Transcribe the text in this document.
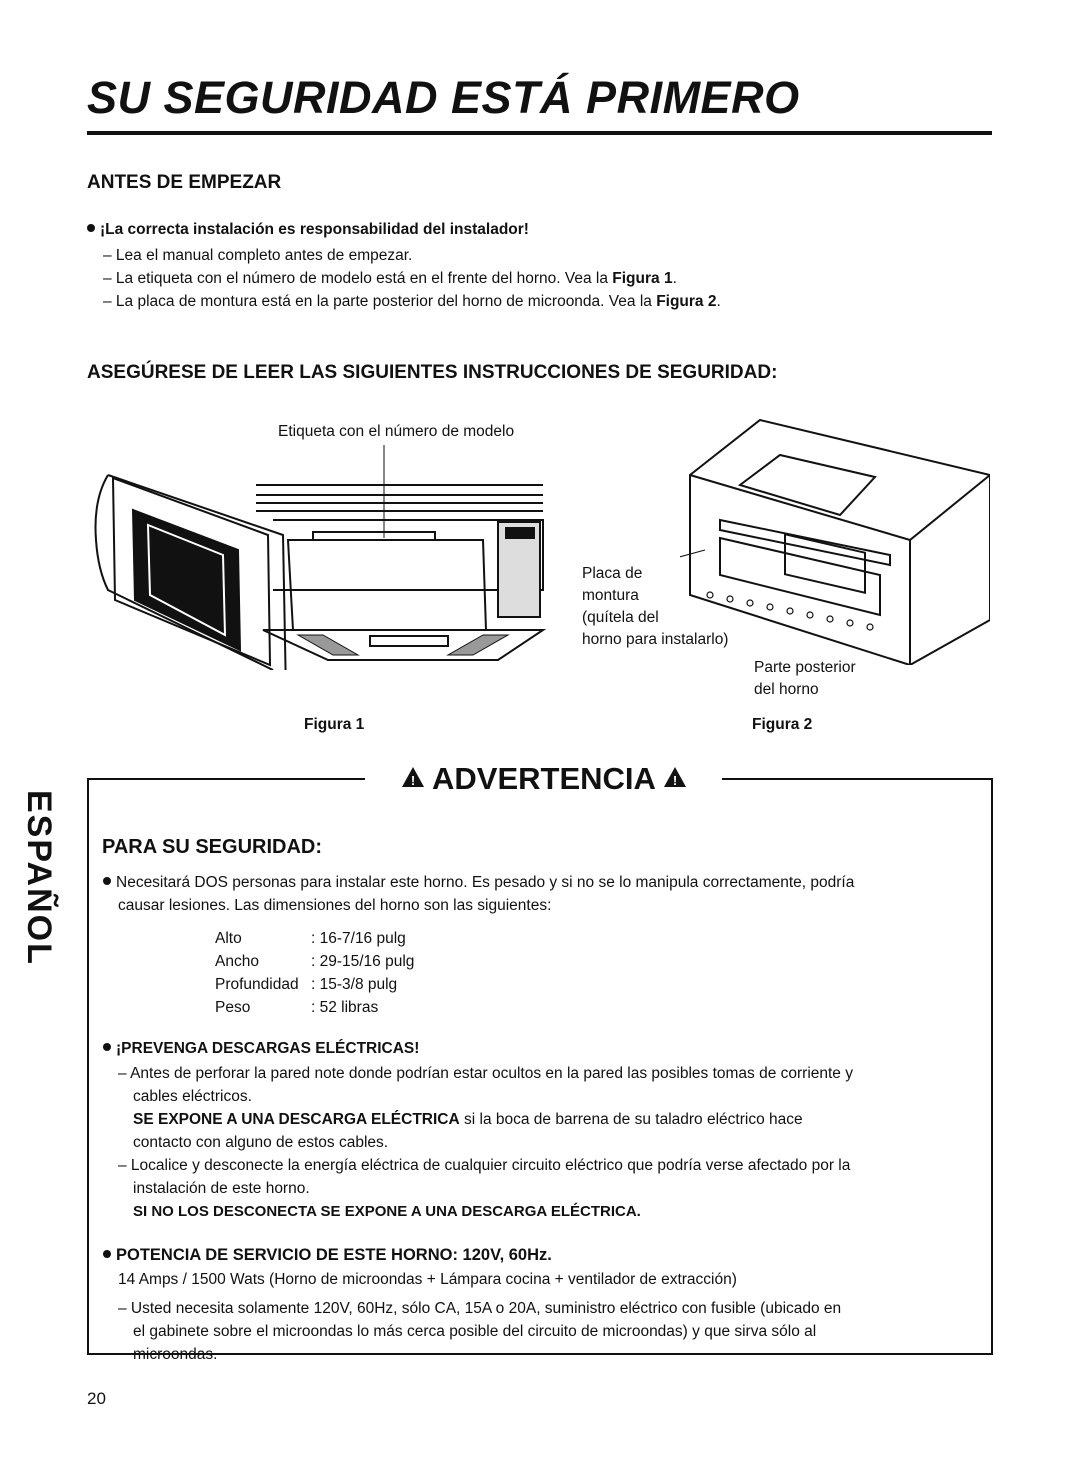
SU SEGURIDAD ESTÁ PRIMERO
ESPAÑOL
ANTES DE EMPEZAR
¡La correcta instalación es responsabilidad del instalador!
– Lea el manual completo antes de empezar.
– La etiqueta con el número de modelo está en el frente del horno. Vea la Figura 1.
– La placa de montura está en la parte posterior del horno de microonda. Vea la Figura 2.
ASEGÚRESE DE LEER LAS SIGUIENTES INSTRUCCIONES DE SEGURIDAD:
Etiqueta con el número de modelo
Figura 1
Placa de
montura
(quítela del
horno para instalarlo)
Parte posterior
del horno
Figura 2
! ADVERTENCIA !
PARA SU SEGURIDAD:
Necesitará DOS personas para instalar este horno. Es pesado y si no se lo manipula correctamente, podría
causar lesiones. Las dimensiones del horno son las siguientes:
Alto	: 16-7/16 pulg
Ancho	: 29-15/16 pulg
Profundidad	: 15-3/8 pulg
Peso	: 52 libras
¡PREVENGA DESCARGAS ELÉCTRICAS!
– Antes de perforar la pared note donde podrían estar ocultos en la pared las posibles tomas de corriente y
cables eléctricos.
SE EXPONE A UNA DESCARGA ELÉCTRICA si la boca de barrena de su taladro eléctrico hace
contacto con alguno de estos cables.
– Localice y desconecte la energía eléctrica de cualquier circuito eléctrico que podría verse afectado por la
instalación de este horno.
SI NO LOS DESCONECTA SE EXPONE A UNA DESCARGA ELÉCTRICA.
POTENCIA DE SERVICIO DE ESTE HORNO: 120V, 60Hz.
14 Amps / 1500 Wats (Horno de microondas + Lámpara cocina + ventilador de extracción)
– Usted necesita solamente 120V, 60Hz, sólo CA, 15A o 20A, suministro eléctrico con fusible (ubicado en
el gabinete sobre el microondas lo más cerca posible del circuito de microondas) y que sirva sólo al
microondas.
20
